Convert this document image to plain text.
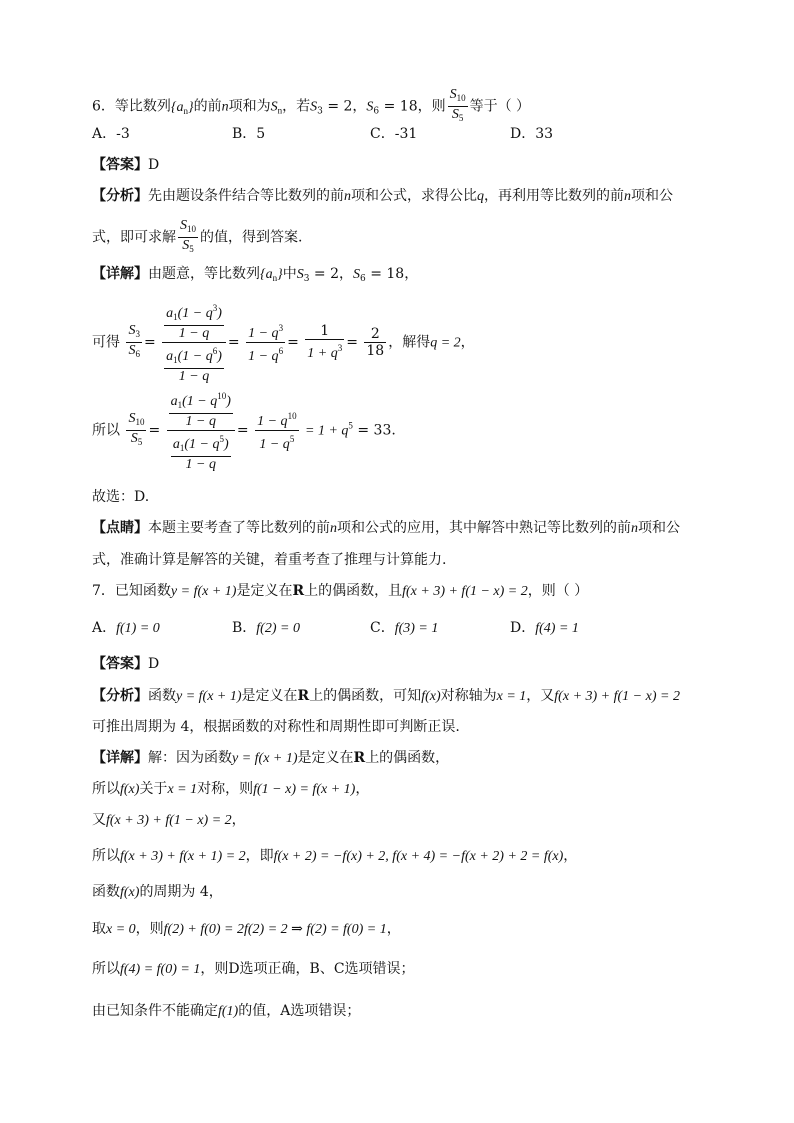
6．等比数列$\{a_n\}$的前n项和为$S_n$，若$S_3 = 2$，$S_6 = 18$，则 $\frac{S_{10}}{S_5}$ 等于（ ）
A．-3	B．5	C．-31	D．33
【答案】D
【分析】先由题设条件结合等比数列的前n项和公式，求得公比q，再利用等比数列的前n项和公
式，即可求解 $\frac{S_{10}}{S_5}$ 的值，得到答案.
【详解】由题意，等比数列$\{a_n\}$中$S_3 = 2$，$S_6 = 18$，
可得 $\frac{S_3}{S_6} = \frac{\frac{a_1(1 - q^3)}{1 - q}}{\frac{a_1(1 - q^6)}{1 - q}} = \frac{1 - q^3}{1 - q^6} = \frac{1}{1 + q^3} = \frac{2}{18}$ ，解得q = 2，
所以 $\frac{S_{10}}{S_5} = \frac{\frac{a_1(1 - q^{10})}{1 - q}}{\frac{a_1(1 - q^5)}{1 - q}} = \frac{1 - q^{10}}{1 - q^5} = 1 + q^5 = 33$.
故选：D.
【点睛】本题主要考查了等比数列的前n项和公式的应用，其中解答中熟记等比数列的前n项和公
式，准确计算是解答的关键，着重考查了推理与计算能力.
7．已知函数y = f(x + 1)是定义在R上的偶函数，且f(x + 3) + f(1 − x) = 2，则（ ）
A．f(1) = 0	B．f(2) = 0	C．f(3) = 1	D．f(4) = 1
【答案】D
【分析】函数y = f(x + 1)是定义在R上的偶函数，可知f(x)对称轴为x = 1，又f(x + 3) + f(1 − x) = 2
可推出周期为 4，根据函数的对称性和周期性即可判断正误.
【详解】解：因为函数y = f(x + 1)是定义在R上的偶函数，
所以f(x)关于x = 1对称，则f(1 − x) = f(x + 1)，
又f(x + 3) + f(1 − x) = 2，
所以f(x + 3) + f(x + 1) = 2，即f(x + 2) = −f(x) + 2, f(x + 4) = −f(x + 2) + 2 = f(x)，
函数f(x)的周期为 4，
取x = 0，则f(2) + f(0) = 2f(2) = 2 ⇒ f(2) = f(0) = 1，
所以f(4) = f(0) = 1，则D选项正确，B、C选项错误；
由已知条件不能确定f(1)的值，A选项错误；
